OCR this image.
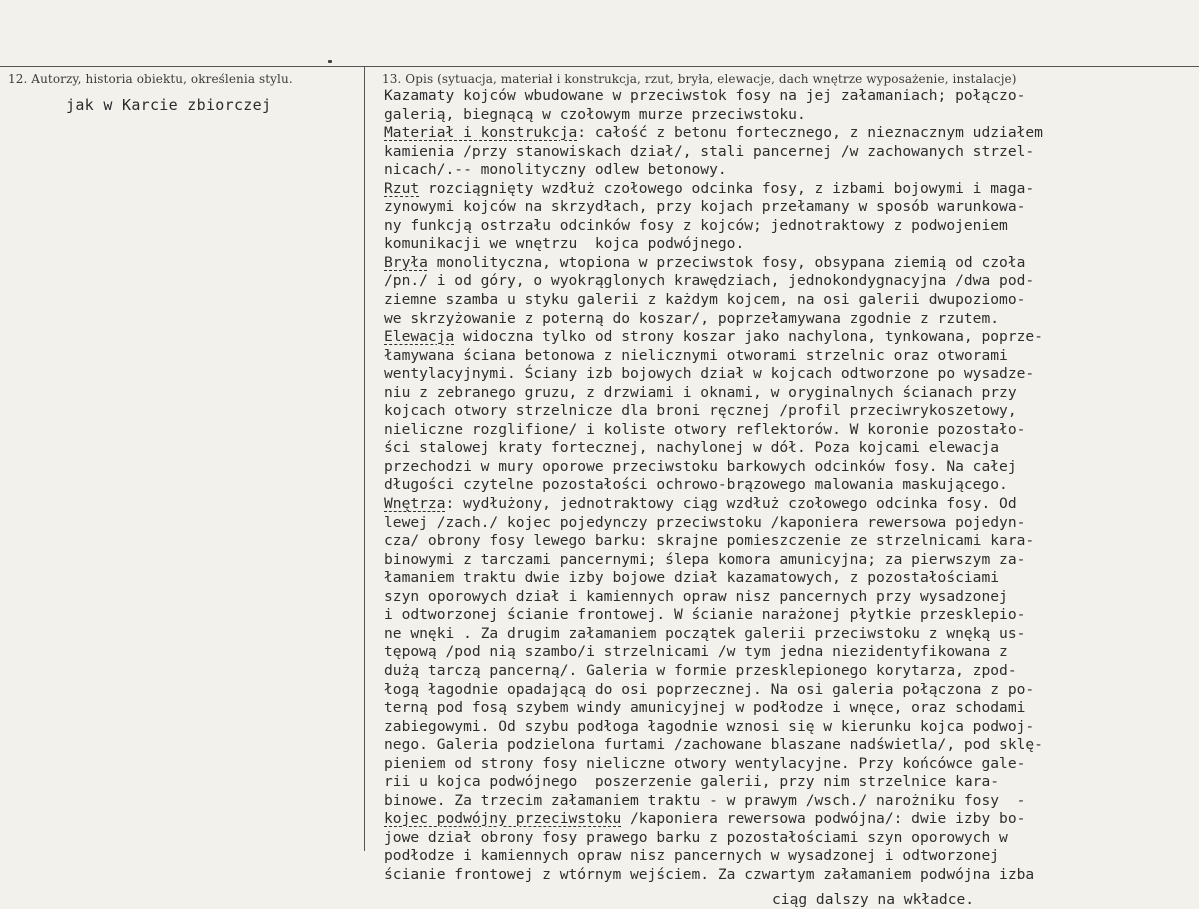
12. Autorzy, historia obiektu, określenia stylu.
jak w Karcie zbiorczej
13. Opis (sytuacja, materiał i konstrukcja, rzut, bryła, elewacje, dach wnętrze wyposażenie, instalacje)
Kazamaty kojców wbudowane w przeciwstok fosy na jej załamaniach; połączo-
galerią, biegnącą w czołowym murze przeciwstoku.
Materiał i konstrukcja: całość z betonu fortecznego, z nieznacznym udziałem
kamienia /przy stanowiskach dział/, stali pancernej /w zachowanych strzel-
nicach/.-- monolityczny odlew betonowy.
Rzut rozciągnięty wzdłuż czołowego odcinka fosy, z izbami bojowymi i maga-
zynowymi kojców na skrzydłach, przy kojach przełamany w sposób warunkowa-
ny funkcją ostrzału odcinków fosy z kojców; jednotraktowy z podwojeniem
komunikacji we wnętrzu  kojca podwójnego.
Bryła monolityczna, wtopiona w przeciwstok fosy, obsypana ziemią od czoła
/pn./ i od góry, o wyokrąglonych krawędziach, jednokondygnacyjna /dwa pod-
ziemne szamba u styku galerii z każdym kojcem, na osi galerii dwupoziomo-
we skrzyżowanie z poterną do koszar/, poprzełamywana zgodnie z rzutem.
Elewacja widoczna tylko od strony koszar jako nachylona, tynkowana, poprze-
łamywana ściana betonowa z nielicznymi otworami strzelnic oraz otworami
wentylacyjnymi. Ściany izb bojowych dział w kojcach odtworzone po wysadze-
niu z zebranego gruzu, z drzwiami i oknami, w oryginalnych ścianach przy
kojcach otwory strzelnicze dla broni ręcznej /profil przeciwrykoszetowy,
nieliczne rozglifione/ i koliste otwory reflektorów. W koronie pozostało-
ści stalowej kraty fortecznej, nachylonej w dół. Poza kojcami elewacja
przechodzi w mury oporowe przeciwstoku barkowych odcinków fosy. Na całej
długości czytelne pozostałości ochrowo-brązowego malowania maskującego.
Wnętrza: wydłużony, jednotraktowy ciąg wzdłuż czołowego odcinka fosy. Od
lewej /zach./ kojec pojedynczy przeciwstoku /kaponiera rewersowa pojedyn-
cza/ obrony fosy lewego barku: skrajne pomieszczenie ze strzelnicami kara-
binowymi z tarczami pancernymi; ślepa komora amunicyjna; za pierwszym za-
łamaniem traktu dwie izby bojowe dział kazamatowych, z pozostałościami
szyn oporowych dział i kamiennych opraw nisz pancernych przy wysadzonej
i odtworzonej ścianie frontowej. W ścianie narażonej płytkie przesklepio-
ne wnęki . Za drugim załamaniem początek galerii przeciwstoku z wnęką us-
tępową /pod nią szambo/i strzelnicami /w tym jedna niezidentyfikowana z
dużą tarczą pancerną/. Galeria w formie przesklepionego korytarza, zpod-
łogą łagodnie opadającą do osi poprzecznej. Na osi galeria połączona z po-
terną pod fosą szybem windy amunicyjnej w podłodze i wnęce, oraz schodami
zabiegowymi. Od szybu podłoga łagodnie wznosi się w kierunku kojca podwoj-
nego. Galeria podzielona furtami /zachowane blaszane nadświetla/, pod sklę-
pieniem od strony fosy nieliczne otwory wentylacyjne. Przy końcówce gale-
rii u kojca podwójnego  poszerzenie galerii, przy nim strzelnice kara-
binowe. Za trzecim załamaniem traktu - w prawym /wsch./ narożniku fosy  -
kojec podwójny przeciwstoku /kaponiera rewersowa podwójna/: dwie izby bo-
jowe dział obrony fosy prawego barku z pozostałościami szyn oporowych w
podłodze i kamiennych opraw nisz pancernych w wysadzonej i odtworzonej
ścianie frontowej z wtórnym wejściem. Za czwartym załamaniem podwójna izba
ciąg dalszy na wkładce.
